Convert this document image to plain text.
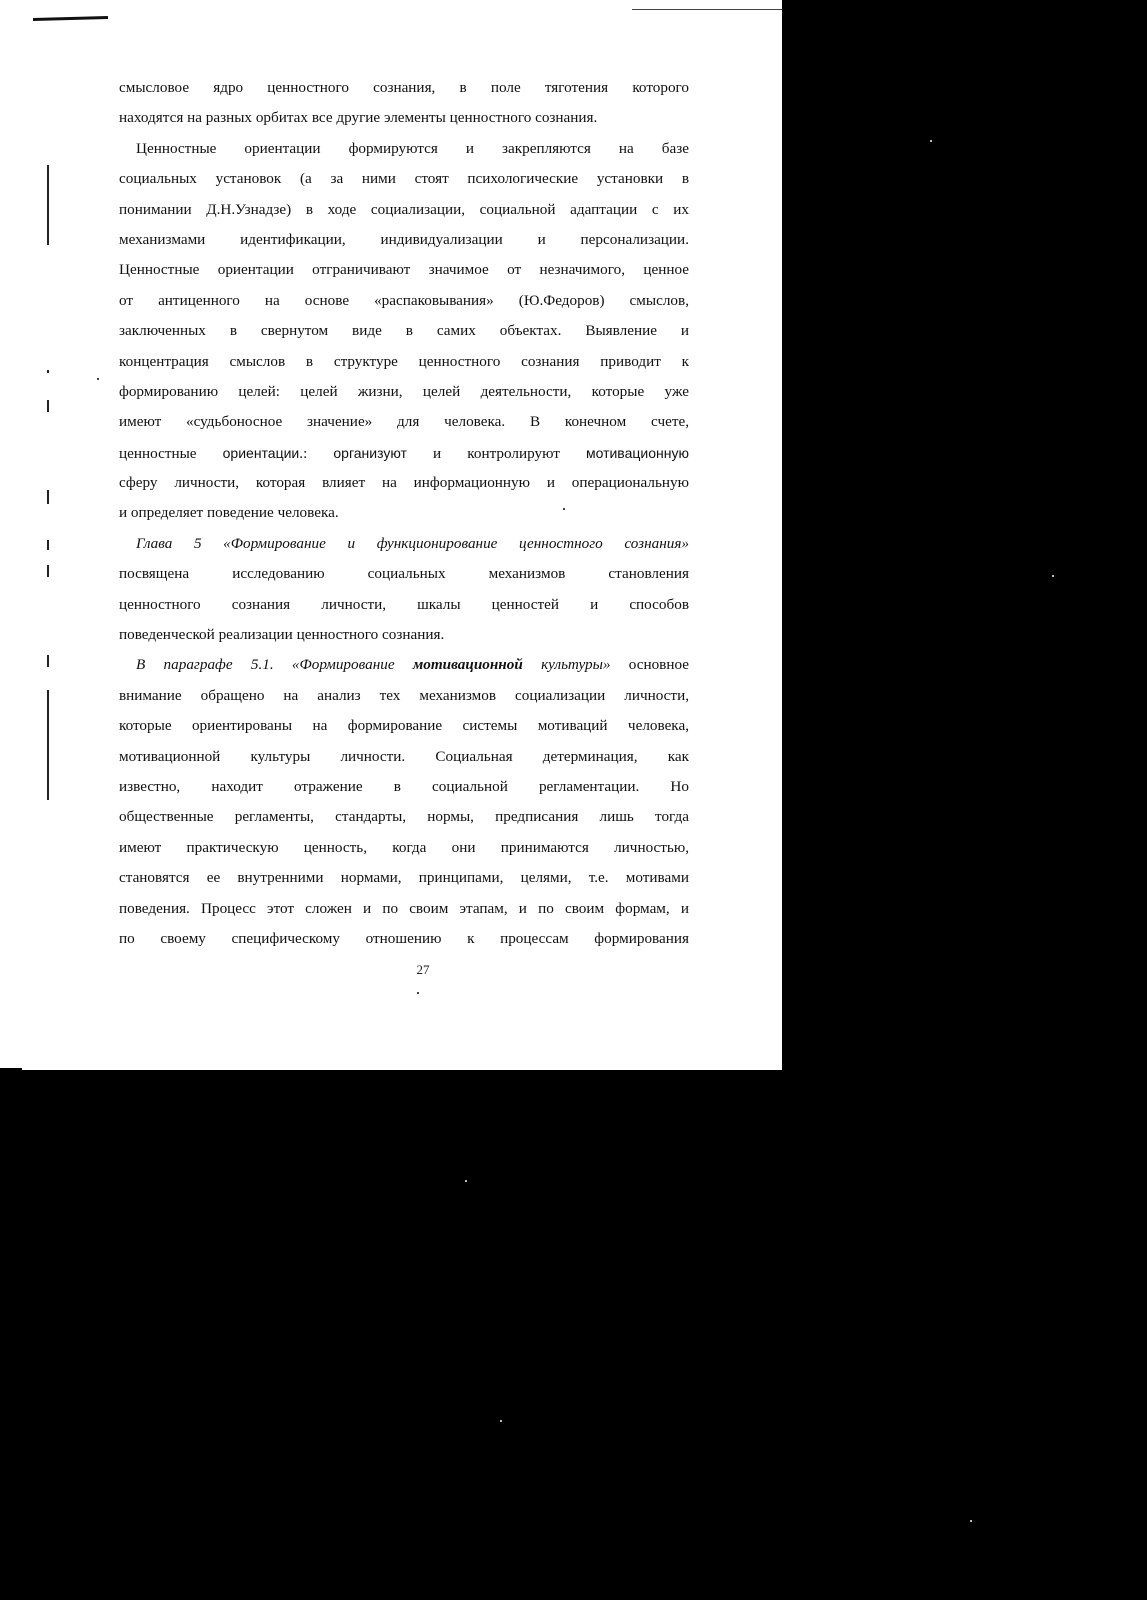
смысловое ядро ценностного сознания, в поле тяготения которого
находятся на разных орбитах все другие элементы ценностного сознания.
Ценностные ориентации формируются и закрепляются на базе
социальных установок (а за ними стоят психологические установки в
понимании Д.Н.Узнадзе) в ходе социализации, социальной адаптации с их
механизмами идентификации, индивидуализации и персонализации.
Ценностные ориентации отграничивают значимое от незначимого, ценное
от антиценного на основе «распаковывания» (Ю.Федоров) смыслов,
заключенных в свернутом виде в самих объектах. Выявление и
концентрация смыслов в структуре ценностного сознания приводит к
формированию целей: целей жизни, целей деятельности, которые уже
имеют «судьбоносное значение» для человека. В конечном счете,
ценностные ориентации.: организуют и контролируют мотивационную
сферу личности, которая влияет на информационную и операциональную
и определяет поведение человека.
Глава 5 «Формирование и функционирование ценностного сознания»
посвящена исследованию социальных механизмов становления
ценностного сознания личности, шкалы ценностей и способов
поведенческой реализации ценностного сознания.
В параграфе 5.1. «Формирование мотивационной культуры» основное
внимание обращено на анализ тех механизмов социализации личности,
которые ориентированы на формирование системы мотиваций человека,
мотивационной культуры личности. Социальная детерминация, как
известно, находит отражение в социальной регламентации. Но
общественные регламенты, стандарты, нормы, предписания лишь тогда
имеют практическую ценность, когда они принимаются личностью,
становятся ее внутренними нормами, принципами, целями, т.е. мотивами
поведения. Процесс этот сложен и по своим этапам, и по своим формам, и
по своему специфическому отношению к процессам формирования
27
